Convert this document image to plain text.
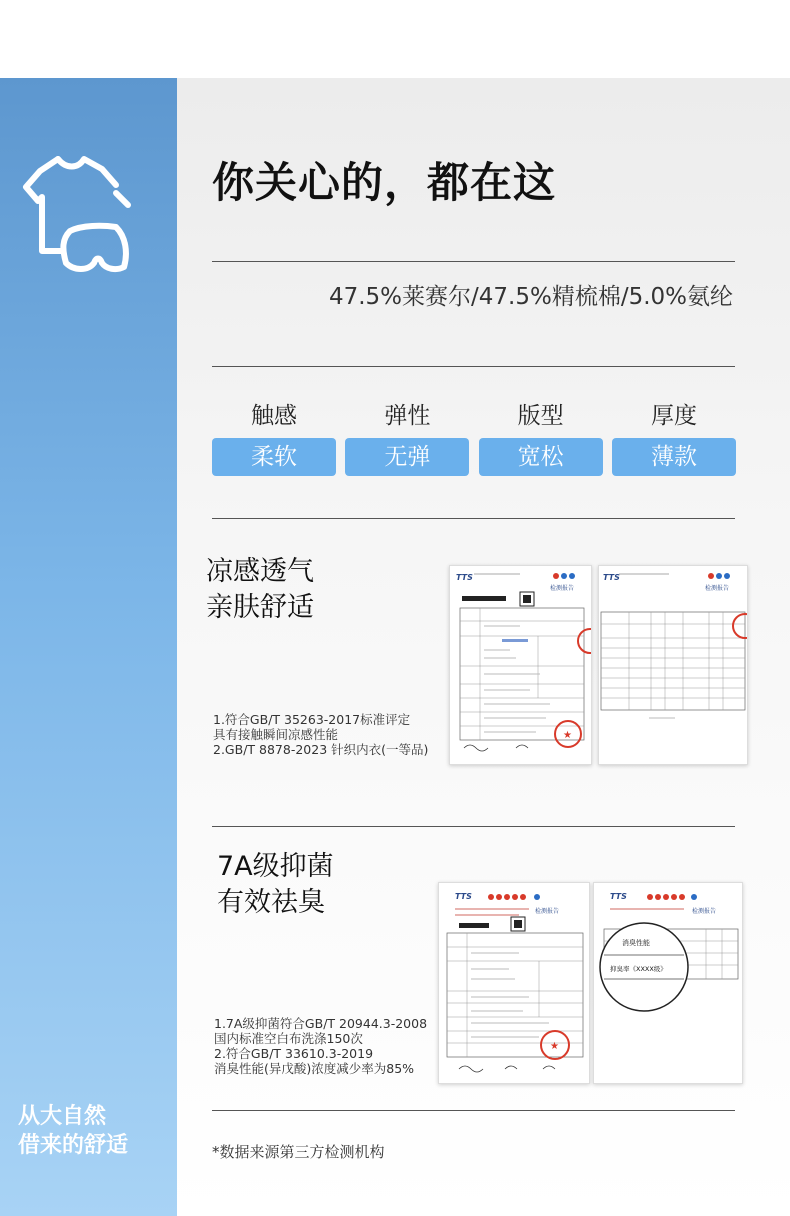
从大自然
借来的舒适
你关心的，都在这
47.5%莱赛尔/47.5%精梳棉/5.0%氨纶
触感
柔软
弹性
无弹
版型
宽松
厚度
薄款
凉感透气
亲肤舒适
1.符合GB/T 35263-2017标准评定
具有接触瞬间凉感性能
2.GB/T 8878-2023 针织内衣(一等品)
TTS
检测报告
★
TTS
检测报告
7A级抑菌
有效祛臭
1.7A级抑菌符合GB/T 20944.3-2008
国内标准空白布洗涤150次
2.符合GB/T 33610.3-2019
消臭性能(异戊酸)浓度减少率为85%
TTS
检测报告
★
TTS
检测报告
消臭性能
抑臭率《XXXX级》
*数据来源第三方检测机构
